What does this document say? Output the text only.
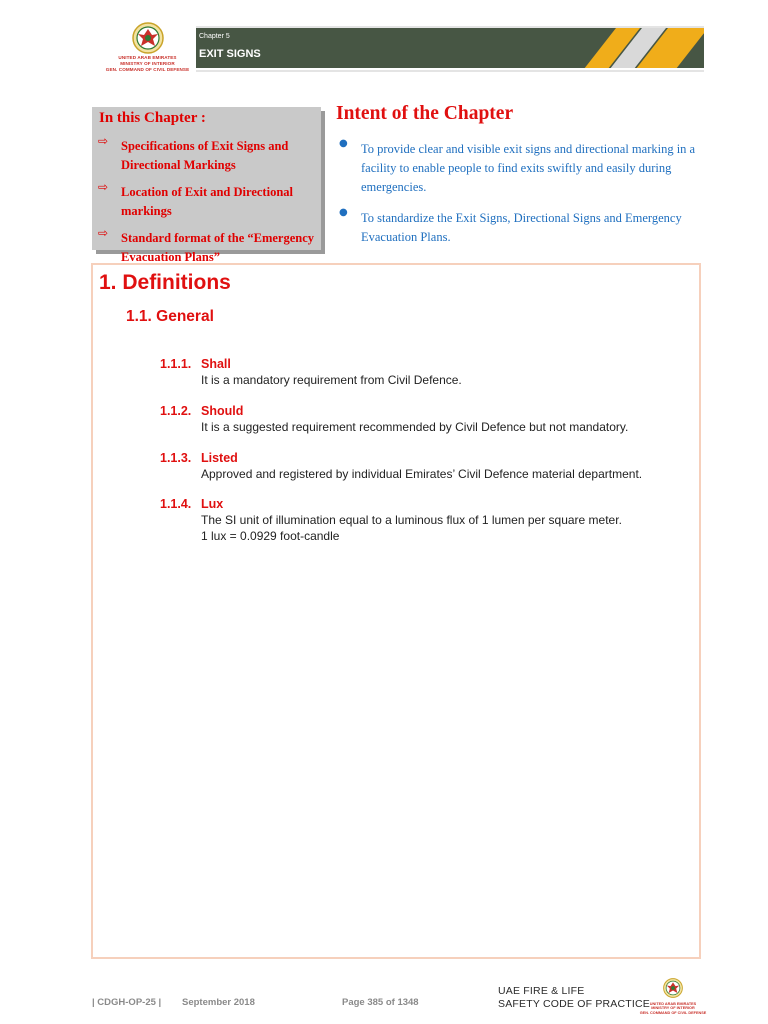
UNITED ARAB EMIRATES
MINISTRY OF INTERIOR
GEN. COMMAND OF CIVIL DEFENSE
Chapter 5
EXIT SIGNS
In this Chapter :
⇨ Specifications of Exit Signs and Directional Markings
⇨ Location of Exit and Directional markings
⇨ Standard format of the “Emergency Evacuation Plans”
Intent of the Chapter
● To provide clear and visible exit signs and directional marking in a facility to enable people to find exits swiftly and easily during emergencies.
● To standardize the Exit Signs, Directional Signs and Emergency Evacuation Plans.
1. Definitions
1.1. General
1.1.1. Shall
It is a mandatory requirement from Civil Defence.
1.1.2. Should
It is a suggested requirement recommended by Civil Defence but not mandatory.
1.1.3. Listed
Approved and registered by individual Emirates’ Civil Defence material department.
1.1.4. Lux
The SI unit of illumination equal to a luminous flux of 1 lumen per square meter.
1 lux = 0.0929 foot-candle
| CDGH-OP-25 | September 2018	Page 385 of 1348
UAE FIRE & LIFE
SAFETY CODE OF PRACTICE UNITED ARAB EMIRATES
MINISTRY OF INTERIOR
GEN. COMMAND OF CIVIL DEFENSE
